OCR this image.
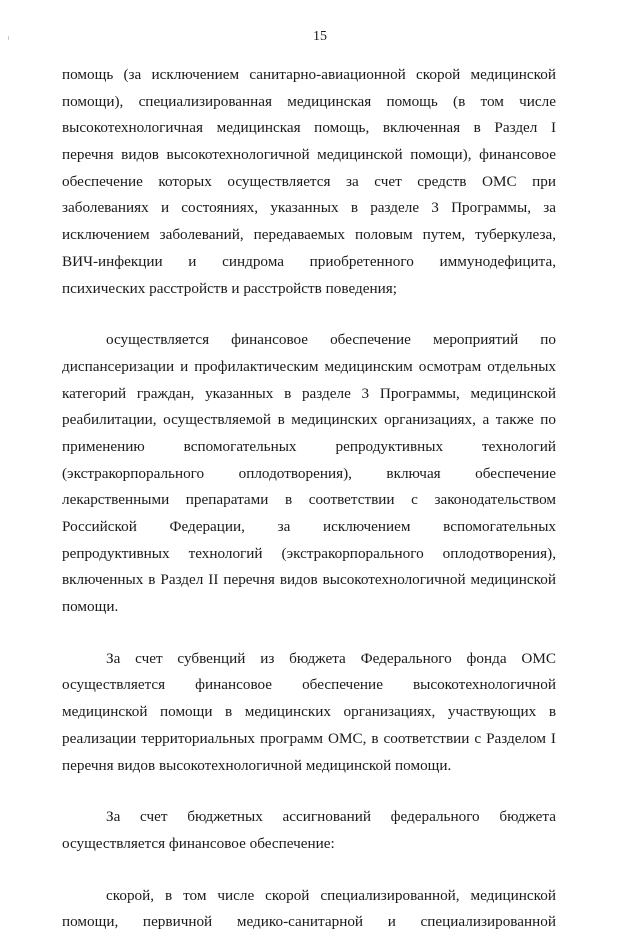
15
помощь (за исключением санитарно-авиационной скорой медицинской
помощи), специализированная медицинская помощь (в том числе
высокотехнологичная медицинская помощь, включенная в Раздел I
перечня видов высокотехнологичной медицинской помощи), финансовое
обеспечение которых осуществляется за счет средств ОМС при
заболеваниях и состояниях, указанных в разделе 3 Программы, за
исключением заболеваний, передаваемых половым путем, туберкулеза,
ВИЧ-инфекции и синдрома приобретенного иммунодефицита,
психических расстройств и расстройств поведения;
осуществляется финансовое обеспечение мероприятий по
диспансеризации и профилактическим медицинским осмотрам отдельных
категорий граждан, указанных в разделе 3 Программы, медицинской
реабилитации, осуществляемой в медицинских организациях, а также по
применению вспомогательных репродуктивных технологий
(экстракорпорального оплодотворения), включая обеспечение
лекарственными препаратами в соответствии с законодательством
Российской Федерации, за исключением вспомогательных
репродуктивных технологий (экстракорпорального оплодотворения),
включенных в Раздел II перечня видов высокотехнологичной медицинской
помощи.
За счет субвенций из бюджета Федерального фонда ОМС
осуществляется финансовое обеспечение высокотехнологичной
медицинской помощи в медицинских организациях, участвующих в
реализации территориальных программ ОМС, в соответствии с Разделом I
перечня видов высокотехнологичной медицинской помощи.
За счет бюджетных ассигнований федерального бюджета
осуществляется финансовое обеспечение:
скорой, в том числе скорой специализированной, медицинской
помощи, первичной медико-санитарной и специализированной
